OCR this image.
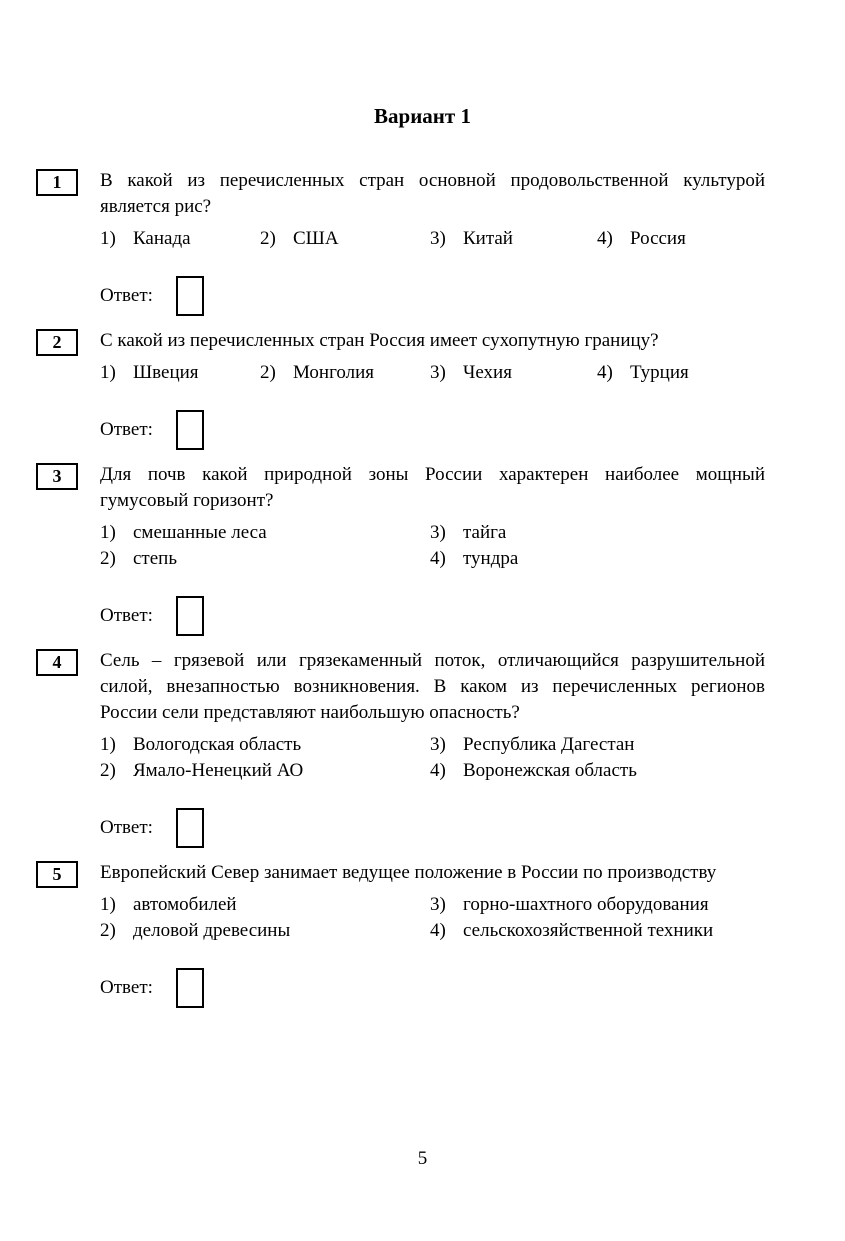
Вариант 1
1	В какой из перечисленных стран основной продовольственной культурой
является рис?
1) Канада	2) США	3) Китай	4) Россия
Ответ:
2	С какой из перечисленных стран Россия имеет сухопутную границу?
1) Швеция	2) Монголия	3) Чехия	4) Турция
Ответ:
3	Для почв какой природной зоны России характерен наиболее мощный
гумусовый горизонт?
1) смешанные леса
2) степь
3) тайга
4) тундра
Ответ:
4	Сель – грязевой или грязекаменный поток, отличающийся разрушительной
силой, внезапностью возникновения. В каком из перечисленных регионов
России сели представляют наибольшую опасность?
1) Вологодская область
2) Ямало-Ненецкий АО
3) Республика Дагестан
4) Воронежская область
Ответ:
5	Европейский Север занимает ведущее положение в России по производству
1) автомобилей
2) деловой древесины
3) горно-шахтного оборудования
4) сельскохозяйственной техники
Ответ:
5
